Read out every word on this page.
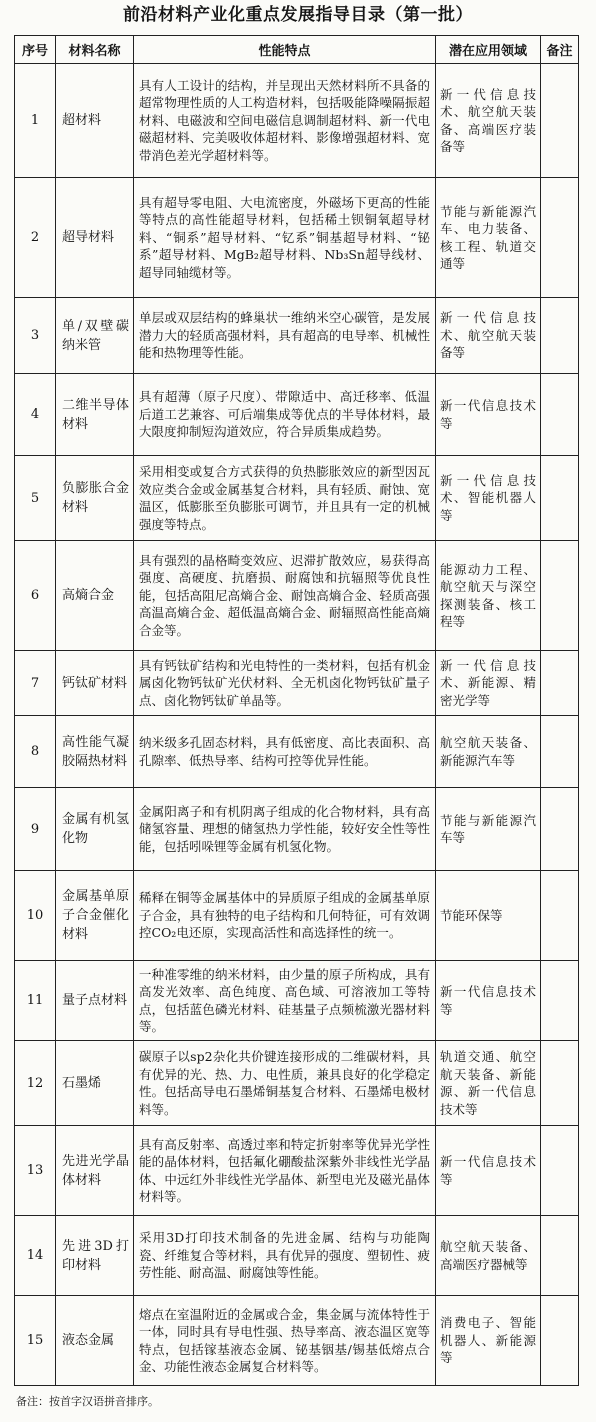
前沿材料产业化重点发展指导目录（第一批）
序号	材料名称	性能特点	潜在应用领域	备注
1	超材料	具有人工设计的结构，并呈现出天然材料所不具备的超常物理性质的人工构造材料，包括吸能降噪隔振超材料、电磁波和空间电磁信息调制超材料、新一代电磁超材料、完美吸收体超材料、影像增强超材料、宽带消色差光学超材料等。	新一代信息技术、航空航天装备、高端医疗装备等	
2	超导材料	具有超导零电阻、大电流密度，外磁场下更高的性能等特点的高性能超导材料，包括稀土钡铜氧超导材料、“铜系”超导材料、“钇系”铜基超导材料、“铋系”超导材料、MgB₂超导材料、Nb₃Sn超导线材、超导同轴缆材等。	节能与新能源汽车、电力装备、核工程、轨道交通等	
3	单/双壁碳纳米管	单层或双层结构的蜂巢状一维纳米空心碳管，是发展潜力大的轻质高强材料，具有超高的电导率、机械性能和热物理等性能。	新一代信息技术、航空航天装备等	
4	二维半导体材料	具有超薄（原子尺度）、带隙适中、高迁移率、低温后道工艺兼容、可后端集成等优点的半导体材料，最大限度抑制短沟道效应，符合异质集成趋势。	新一代信息技术等	
5	负膨胀合金材料	采用相变或复合方式获得的负热膨胀效应的新型因瓦效应类合金或金属基复合材料，具有轻质、耐蚀、宽温区，低膨胀至负膨胀可调节，并且具有一定的机械强度等特点。	新一代信息技术、智能机器人等	
6	高熵合金	具有强烈的晶格畸变效应、迟滞扩散效应，易获得高强度、高硬度、抗磨损、耐腐蚀和抗辐照等优良性能，包括高阻尼高熵合金、耐蚀高熵合金、轻质高强高温高熵合金、超低温高熵合金、耐辐照高性能高熵合金等。	能源动力工程、航空航天与深空探测装备、核工程等	
7	钙钛矿材料	具有钙钛矿结构和光电特性的一类材料，包括有机金属卤化物钙钛矿光伏材料、全无机卤化物钙钛矿量子点、卤化物钙钛矿单晶等。	新一代信息技术、新能源、精密光学等	
8	高性能气凝胶隔热材料	纳米级多孔固态材料，具有低密度、高比表面积、高孔隙率、低热导率、结构可控等优异性能。	航空航天装备、新能源汽车等	
9	金属有机氢化物	金属阳离子和有机阴离子组成的化合物材料，具有高储氢容量、理想的储氢热力学性能，较好安全性等性能，包括吲哚锂等金属有机氢化物。	节能与新能源汽车等	
10	金属基单原子合金催化材料	稀释在铜等金属基体中的异质原子组成的金属基单原子合金，具有独特的电子结构和几何特征，可有效调控CO₂电还原，实现高活性和高选择性的统一。	节能环保等	
11	量子点材料	一种准零维的纳米材料，由少量的原子所构成，具有高发光效率、高色纯度、高色域、可溶液加工等特点，包括蓝色磷光材料、硅基量子点频梳激光器材料等。	新一代信息技术等	
12	石墨烯	碳原子以sp2杂化共价键连接形成的二维碳材料，具有优异的光、热、力、电性质，兼具良好的化学稳定性。包括高导电石墨烯铜基复合材料、石墨烯电极材料等。	轨道交通、航空航天装备、新能源、新一代信息技术等	
13	先进光学晶体材料	具有高反射率、高透过率和特定折射率等优异光学性能的晶体材料，包括氟化硼酸盐深紫外非线性光学晶体、中远红外非线性光学晶体、新型电光及磁光晶体材料等。	新一代信息技术等	
14	先进3D打印材料	采用3D打印技术制备的先进金属、结构与功能陶瓷、纤维复合等材料，具有优异的强度、塑韧性、疲劳性能、耐高温、耐腐蚀等性能。	航空航天装备、高端医疗器械等	
15	液态金属	熔点在室温附近的金属或合金，集金属与流体特性于一体，同时具有导电性强、热导率高、液态温区宽等特点，包括镓基液态金属、铋基铟基/锡基低熔点合金、功能性液态金属复合材料等。	消费电子、智能机器人、新能源等	
备注：按首字汉语拼音排序。
